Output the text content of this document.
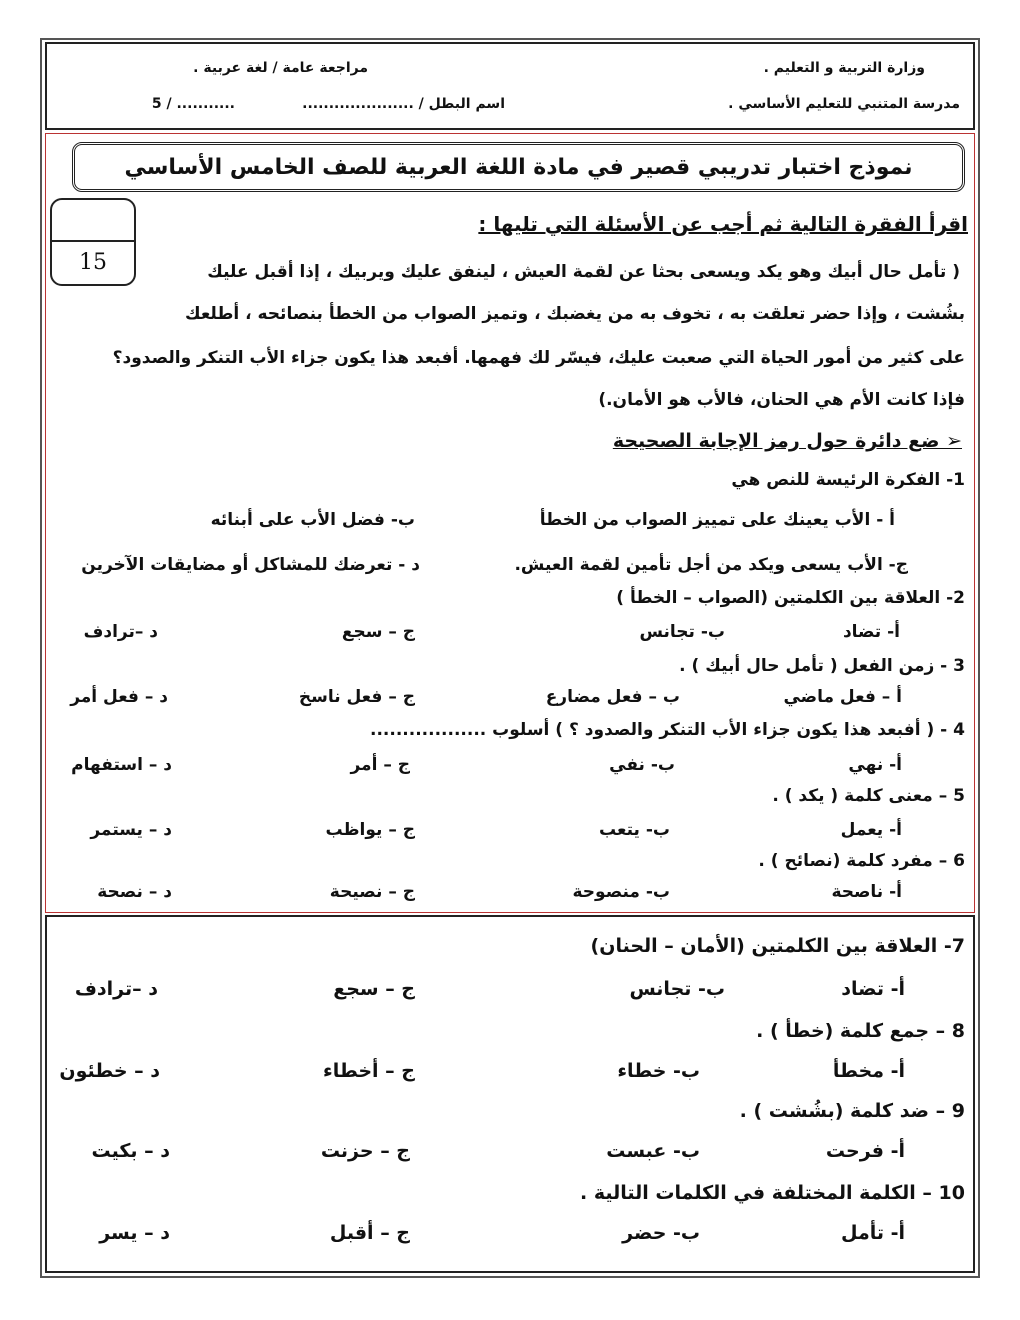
وزارة التربية و التعليم .
مدرسة المتنبي للتعليم الأساسي .
مراجعة عامة / لغة عربية .
اسم البطل / .....................
5 / ...........
نموذج اختبار تدريبي قصير في مادة اللغة العربية للصف الخامس الأساسي
15
اقرأ الفقرة التالية ثم أجب عن الأسئلة التي تليها :
( تأمل حال أبيك وهو يكد ويسعى بحثا عن لقمة العيش ، لينفق عليك ويربيك ، إذا أقبل عليك
بشُشت ، وإذا حضر تعلقت به ، تخوف به من يغضبك ، وتميز الصواب من الخطأ بنصائحه ، أطلعك
على كثير من أمور الحياة التي صعبت عليك، فيسّر لك فهمها. أفبعد هذا يكون جزاء الأب التنكر والصدود؟
فإذا كانت الأم هي الحنان، فالأب هو الأمان.)
➢ ضع دائرة حول رمز الإجابة الصحيحة
1- الفكرة الرئيسة للنص هي
أ - الأب يعينك على تمييز الصواب من الخطأ
ب- فضل الأب على أبنائه
ج- الأب يسعى ويكد من أجل تأمين لقمة العيش.
د - تعرضك للمشاكل أو مضايقات الآخرين
2- العلاقة بين الكلمتين (الصواب – الخطأ )
أ- تضاد
ب- تجانس
ج – سجع
د –ترادف
3 - زمن الفعل ( تأمل حال أبيك ) .
أ – فعل ماضي
ب – فعل مضارع
ج – فعل ناسخ
د – فعل أمر
4 - ( أفبعد هذا يكون جزاء الأب التنكر والصدود ؟ ) أسلوب ..................
أ- نهي
ب- نفي
ج – أمر
د – استفهام
5 – معنى كلمة ( يكد ) .
أ- يعمل
ب- يتعب
ج – يواظب
د – يستمر
6 – مفرد كلمة (نصائح ) .
أ- ناصحة
ب- منصوحة
ج – نصيحة
د – نصحة
7- العلاقة بين الكلمتين (الأمان – الحنان)
أ- تضاد
ب- تجانس
ج – سجع
د –ترادف
8 – جمع كلمة (خطأ ) .
أ- مخطأ
ب- خطاء
ج – أخطاء
د – خطئون
9 – ضد كلمة (بشُشت ) .
أ- فرحت
ب- عبست
ج – حزنت
د – بكيت
10 – الكلمة المختلفة في الكلمات التالية .
أ- تأمل
ب- حضر
ج – أقبل
د – يسر
